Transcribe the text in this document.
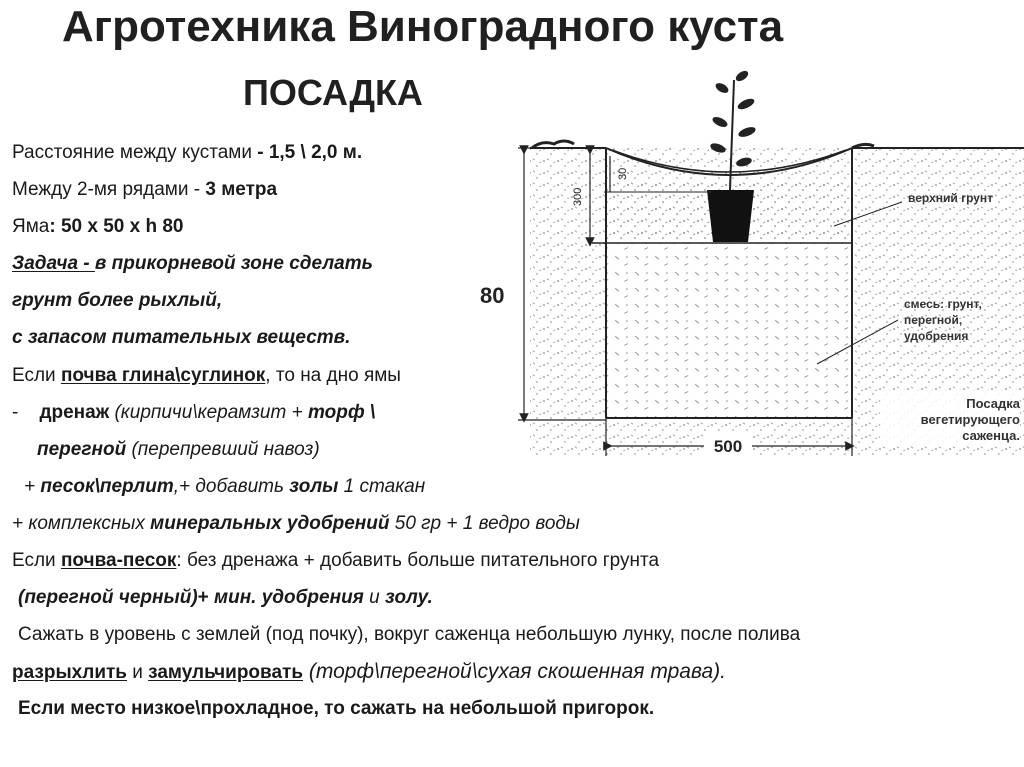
Агротехника Виноградного куста
ПОСАДКА
Расстояние между кустами - 1,5 \ 2,0 м.
Между 2-мя рядами - 3 метра
Яма: 50 х 50 х h 80
Задача - в прикорневой зоне сделать
грунт более рыхлый,
с запасом питательных веществ.
Если почва глина\суглинок, то на дно ямы
-    дренаж (кирпичи\керамзит + торф \
перегной (перепревший навоз)
+ песок\перлит,+ добавить золы 1 стакан
+ комплексных минеральных удобрений 50 гр + 1 ведро воды
Если почва-песок: без дренажа + добавить больше питательного грунта
(перегной черный)+ мин. удобрения и золу.
Сажать в уровень с землей (под почку), вокруг саженца небольшую лунку, после полива
разрыхлить и замульчировать (торф\перегной\сухая скошенная трава).
Если место низкое\прохладное, то сажать на небольшой пригорок.
30
300
80
500
верхний грунт
смесь: грунт,
перегной,
удобрения
Посадка
вегетирующего
саженца.
